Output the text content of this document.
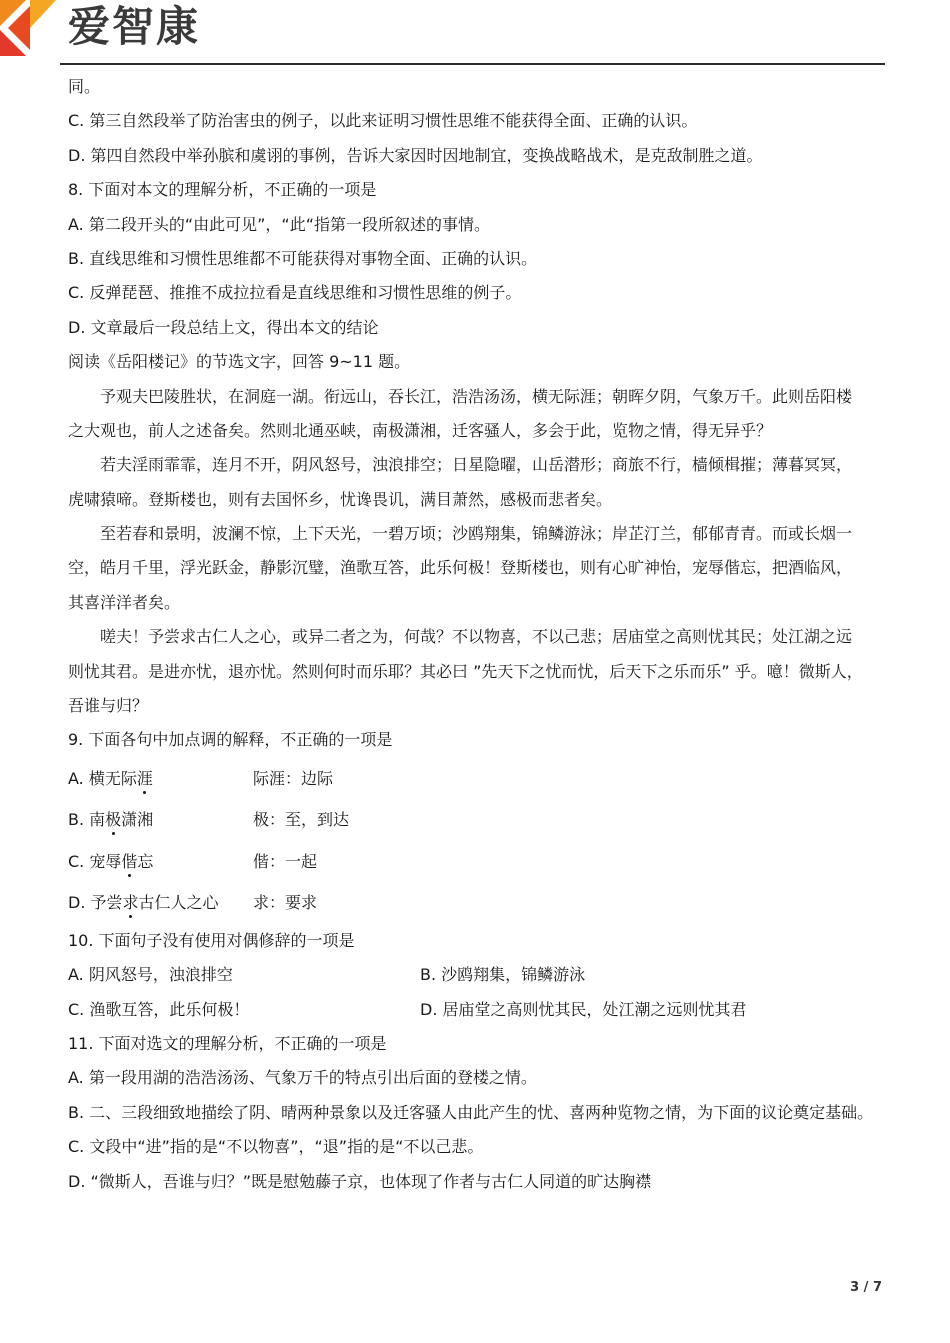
爱智康
同。
C. 第三自然段举了防治害虫的例子，以此来证明习惯性思维不能获得全面、正确的认识。
D. 第四自然段中举孙膑和虞诩的事例，告诉大家因时因地制宜，变换战略战术，是克敌制胜之道。
8. 下面对本文的理解分析，不正确的一项是
A. 第二段开头的“由此可见”，“此“指第一段所叙述的事情。
B. 直线思维和习惯性思维都不可能获得对事物全面、正确的认识。
C. 反弹琵琶、推推不成拉拉看是直线思维和习惯性思维的例子。
D. 文章最后一段总结上文，得出本文的结论
阅读《岳阳楼记》的节选文字，回答 9~11 题。
予观夫巴陵胜状，在洞庭一湖。衔远山，吞长江，浩浩汤汤，横无际涯；朝晖夕阴，气象万千。此则岳阳楼
之大观也，前人之述备矣。然则北通巫峡，南极潇湘，迁客骚人，多会于此，览物之情，得无异乎？
若夫淫雨霏霏，连月不开，阴风怒号，浊浪排空；日星隐曜，山岳潜形；商旅不行，樯倾楫摧；薄暮冥冥，
虎啸猿啼。登斯楼也，则有去国怀乡，忧谗畏讥，满目萧然，感极而悲者矣。
至若春和景明，波澜不惊，上下天光，一碧万顷；沙鸥翔集，锦鳞游泳；岸芷汀兰，郁郁青青。而或长烟一
空，皓月千里，浮光跃金，静影沉璧，渔歌互答，此乐何极！登斯楼也，则有心旷神怡，宠辱偕忘，把酒临风，
其喜洋洋者矣。
嗟夫！予尝求古仁人之心，或异二者之为，何哉？不以物喜，不以己悲；居庙堂之高则忧其民；处江湖之远
则忧其君。是进亦忧，退亦忧。然则何时而乐耶？其必曰 ”先天下之忧而忧，后天下之乐而乐” 乎。噫！微斯人，
吾谁与归？
9. 下面各句中加点调的解释，不正确的一项是
A. 横无际涯	际涯：边际
B. 南极潇湘	极：至，到达
C. 宠辱偕忘	偕：一起
D. 予尝求古仁人之心 求：要求
10. 下面句子没有使用对偶修辞的一项是
A. 阴风怒号，浊浪排空	B. 沙鸥翔集，锦鳞游泳
C. 渔歌互答，此乐何极！	D. 居庙堂之高则忧其民，处江潮之远则忧其君
11. 下面对选文的理解分析，不正确的一项是
A. 第一段用湖的浩浩汤汤、气象万千的特点引出后面的登楼之情。
B. 二、三段细致地描绘了阴、晴两种景象以及迁客骚人由此产生的忧、喜两种览物之情，为下面的议论奠定基础。
C. 文段中“进”指的是“不以物喜”，“退”指的是“不以己悲。
D. “微斯人，吾谁与归？”既是慰勉藤子京，也体现了作者与古仁人同道的旷达胸襟
3 / 7
